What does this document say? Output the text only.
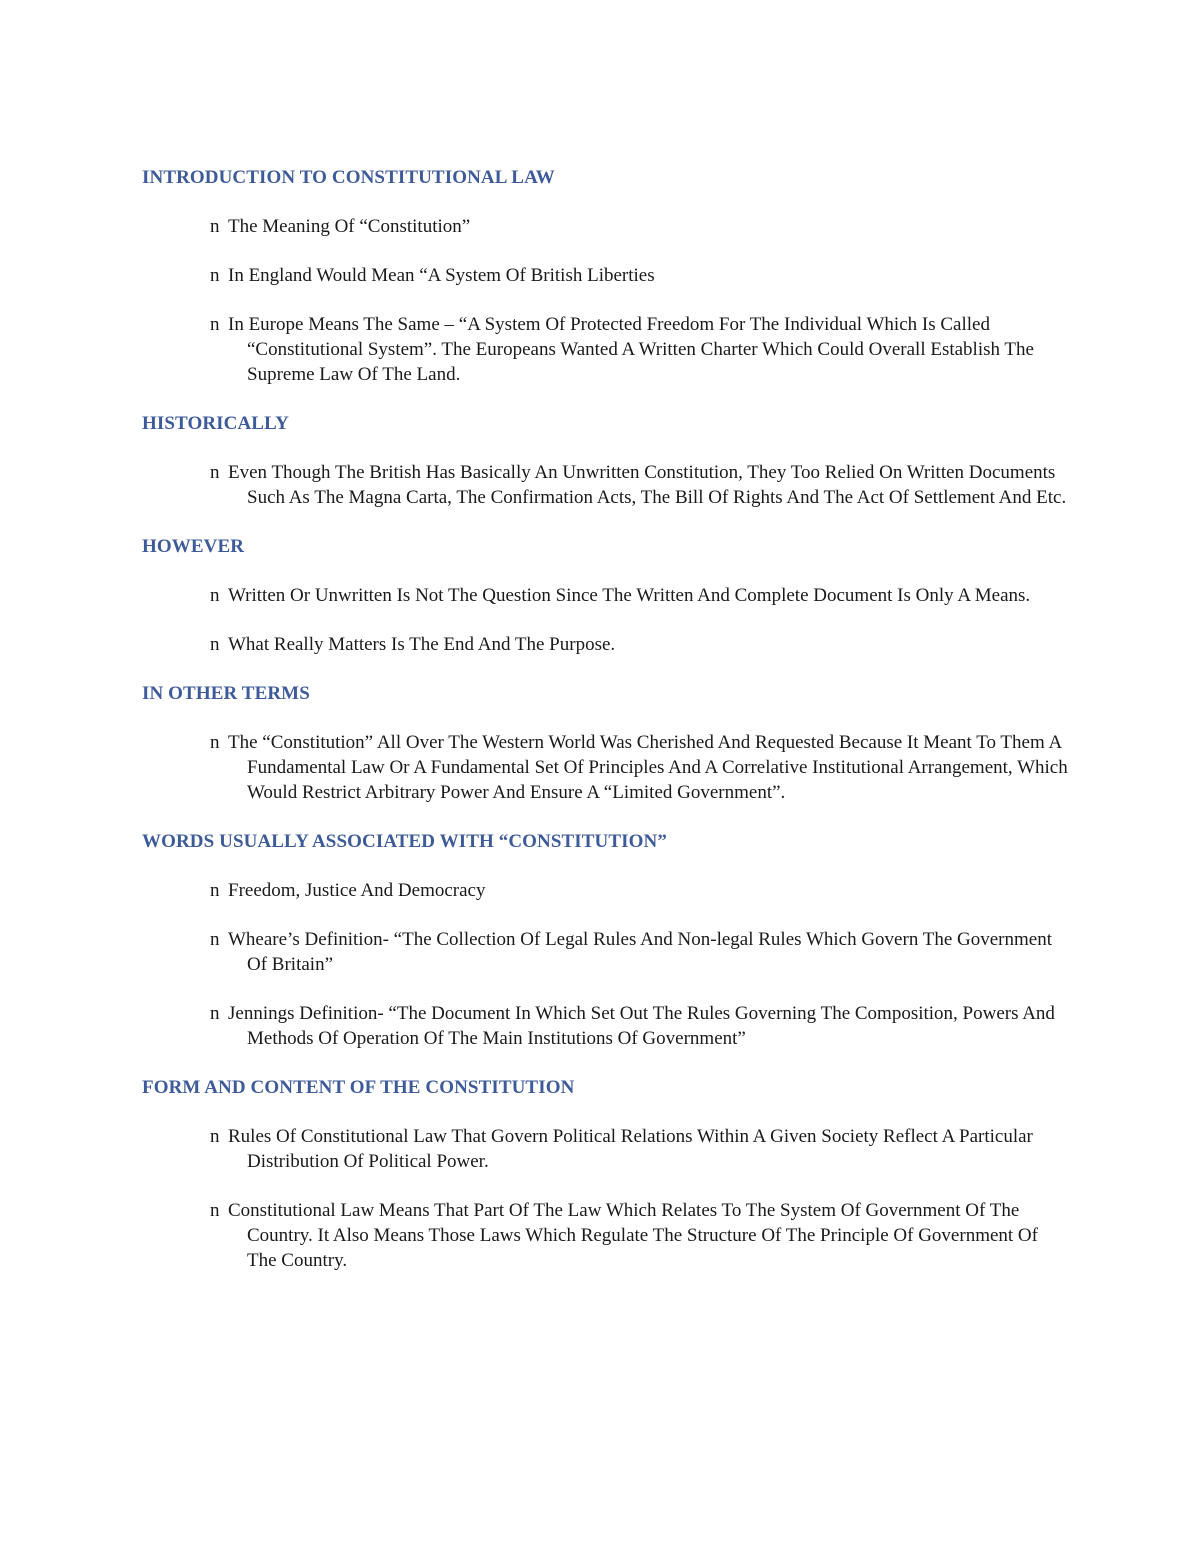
INTRODUCTION TO CONSTITUTIONAL LAW
n The Meaning Of “Constitution”
n In England Would Mean “A System Of British Liberties
n In Europe Means The Same – “A System Of Protected Freedom For The Individual Which Is Called “Constitutional System”. The Europeans Wanted A Written Charter Which Could Overall Establish The Supreme Law Of The Land.
HISTORICALLY
n Even Though The British Has Basically An Unwritten Constitution, They Too Relied On Written Documents Such As The Magna Carta, The Confirmation Acts, The Bill Of Rights And The Act Of Settlement And Etc.
HOWEVER
n Written Or Unwritten Is Not The Question Since The Written And Complete Document Is Only A Means.
n What Really Matters Is The End And The Purpose.
IN OTHER TERMS
n The “Constitution” All Over The Western World Was Cherished And Requested Because It Meant To Them A Fundamental Law Or A Fundamental Set Of Principles And A Correlative Institutional Arrangement, Which Would Restrict Arbitrary Power And Ensure A “Limited Government”.
WORDS USUALLY ASSOCIATED WITH “CONSTITUTION”
n Freedom, Justice And Democracy
n Wheare’s Definition- “The Collection Of Legal Rules And Non-legal Rules Which Govern The Government Of Britain”
n Jennings Definition- “The Document In Which Set Out The Rules Governing The Composition, Powers And Methods Of Operation Of The Main Institutions Of Government”
FORM AND CONTENT OF THE CONSTITUTION
n Rules Of Constitutional Law That Govern Political Relations Within A Given Society Reflect A Particular Distribution Of Political Power.
n Constitutional Law Means That Part Of The Law Which Relates To The System Of Government Of The Country. It Also Means Those Laws Which Regulate The Structure Of The Principle Of Government Of The Country.
